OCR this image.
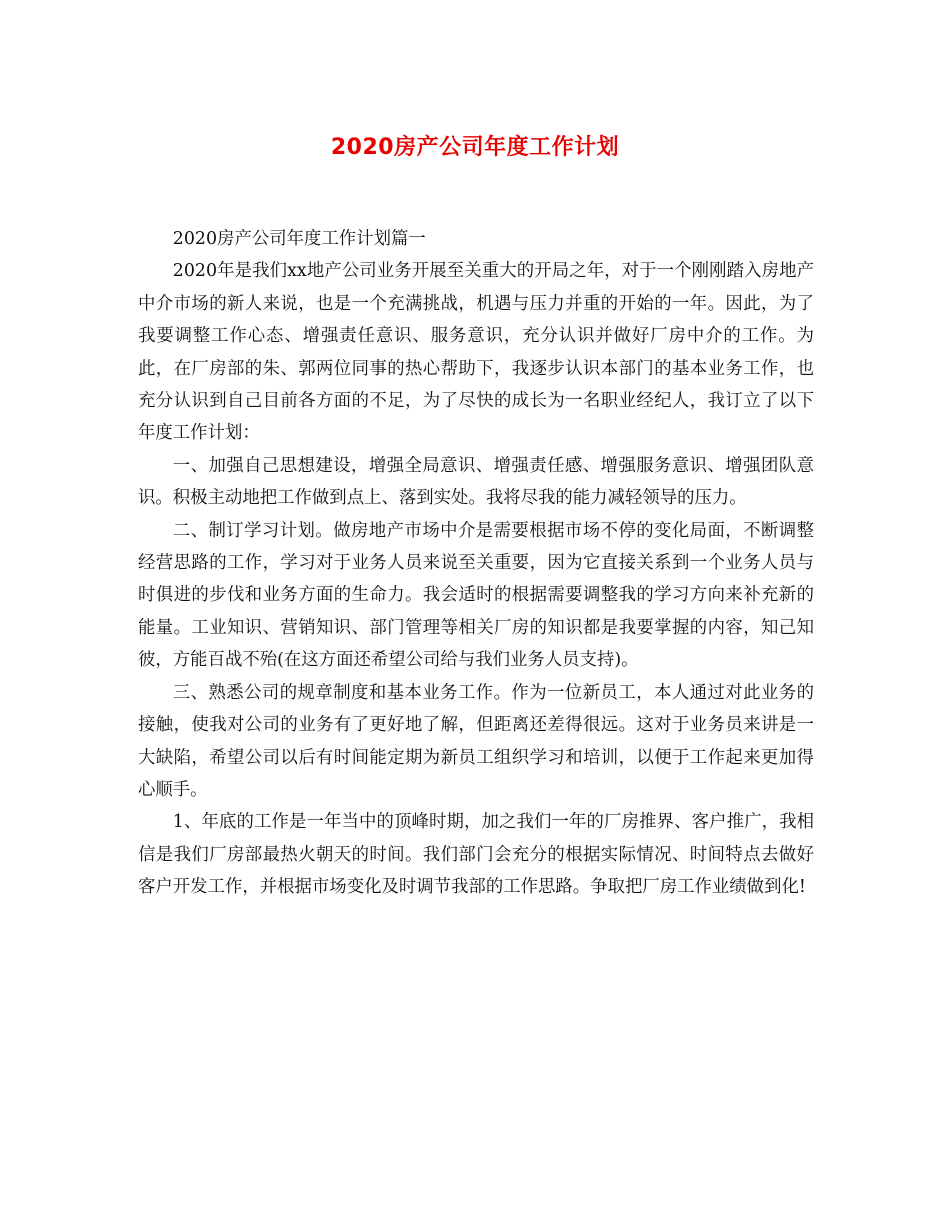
2020房产公司年度工作计划

2020房产公司年度工作计划篇一

2020年是我们xx地产公司业务开展至关重大的开局之年，对于一个刚刚踏入房地产中介市场的新人来说，也是一个充满挑战，机遇与压力并重的开始的一年。因此，为了我要调整工作心态、增强责任意识、服务意识，充分认识并做好厂房中介的工作。为此，在厂房部的朱、郭两位同事的热心帮助下，我逐步认识本部门的基本业务工作，也充分认识到自己目前各方面的不足，为了尽快的成长为一名职业经纪人，我订立了以下年度工作计划：

一、加强自己思想建设，增强全局意识、增强责任感、增强服务意识、增强团队意识。积极主动地把工作做到点上、落到实处。我将尽我的能力减轻领导的压力。

二、制订学习计划。做房地产市场中介是需要根据市场不停的变化局面，不断调整经营思路的工作，学习对于业务人员来说至关重要，因为它直接关系到一个业务人员与时俱进的步伐和业务方面的生命力。我会适时的根据需要调整我的学习方向来补充新的能量。工业知识、营销知识、部门管理等相关厂房的知识都是我要掌握的内容，知己知彼，方能百战不殆(在这方面还希望公司给与我们业务人员支持)。

三、熟悉公司的规章制度和基本业务工作。作为一位新员工，本人通过对此业务的接触，使我对公司的业务有了更好地了解，但距离还差得很远。这对于业务员来讲是一大缺陷，希望公司以后有时间能定期为新员工组织学习和培训，以便于工作起来更加得心顺手。

1、年底的工作是一年当中的顶峰时期，加之我们一年的厂房推界、客户推广，我相信是我们厂房部最热火朝天的时间。我们部门会充分的根据实际情况、时间特点去做好客户开发工作，并根据市场变化及时调节我部的工作思路。争取把厂房工作业绩做到化!
